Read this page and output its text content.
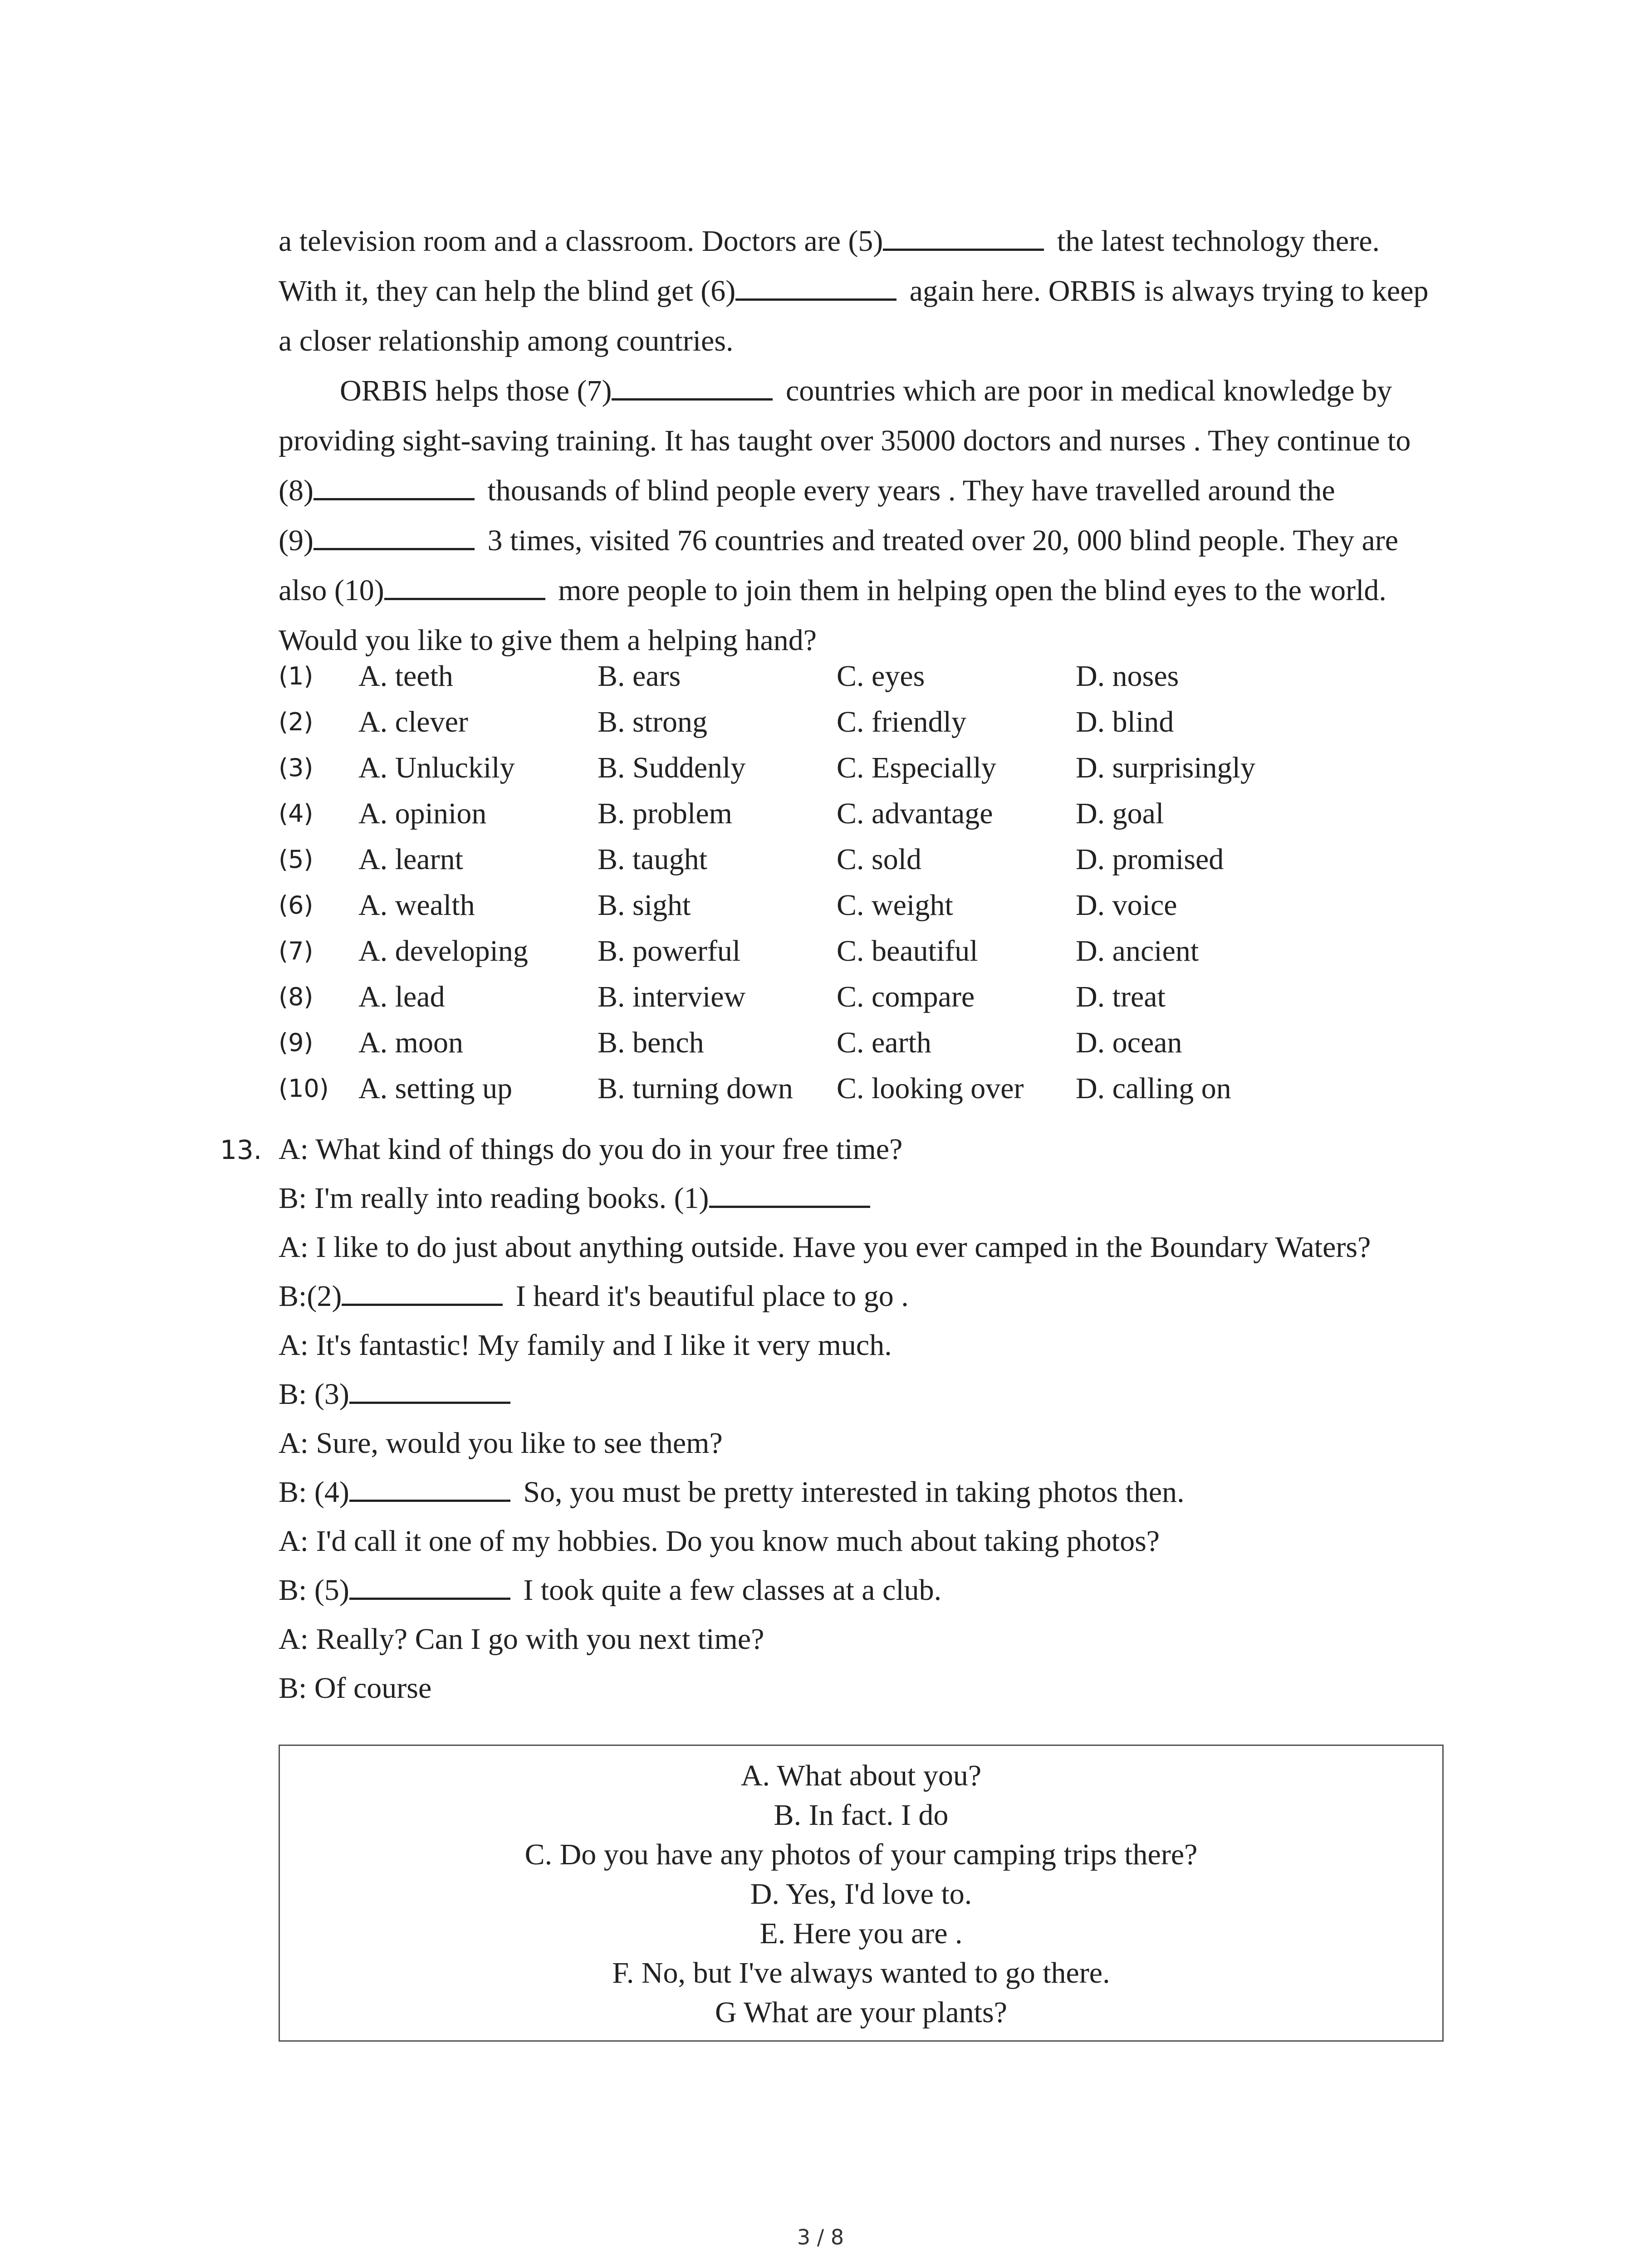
a television room and a classroom. Doctors are (5)	the latest technology there.
With it, they can help the blind get (6)	again here. ORBIS is always trying to keep
a closer relationship among countries.
ORBIS helps those (7)	countries which are poor in medical knowledge by
providing sight-saving training. It has taught over 35000 doctors and nurses . They continue to
(8)	thousands of blind people every years . They have travelled around the
(9)	3 times, visited 76 countries and treated over 20, 000 blind people. They are
also (10)	more people to join them in helping open the blind eyes to the world.
Would you like to give them a helping hand?
(1)	A. teeth	B. ears	C. eyes	D. noses
(2)	A. clever	B. strong	C. friendly	D. blind
(3)	A. Unluckily	B. Suddenly	C. Especially	D. surprisingly
(4)	A. opinion	B. problem	C. advantage	D. goal
(5)	A. learnt	B. taught	C. sold	D. promised
(6)	A. wealth	B. sight	C. weight	D. voice
(7)	A. developing	B. powerful	C. beautiful	D. ancient
(8)	A. lead	B. interview	C. compare	D. treat
(9)	A. moon	B. bench	C. earth	D. ocean
(10) A. setting up	B. turning down	C. looking over	D. calling on
13. A: What kind of things do you do in your free time?
B: I'm really into reading books. (1)
A: I like to do just about anything outside. Have you ever camped in the Boundary Waters?
B:(2)	I heard it's beautiful place to go .
A: It's fantastic! My family and I like it very much.
B: (3)
A: Sure, would you like to see them?
B: (4)	So, you must be pretty interested in taking photos then.
A: I'd call it one of my hobbies. Do you know much about taking photos?
B: (5)	I took quite a few classes at a club.
A: Really? Can I go with you next time?
B: Of course
A. What about you?
B. In fact. I do
C. Do you have any photos of your camping trips there?
D. Yes, I'd love to.
E. Here you are .
F. No, but I've always wanted to go there.
G What are your plants?
3 / 8
